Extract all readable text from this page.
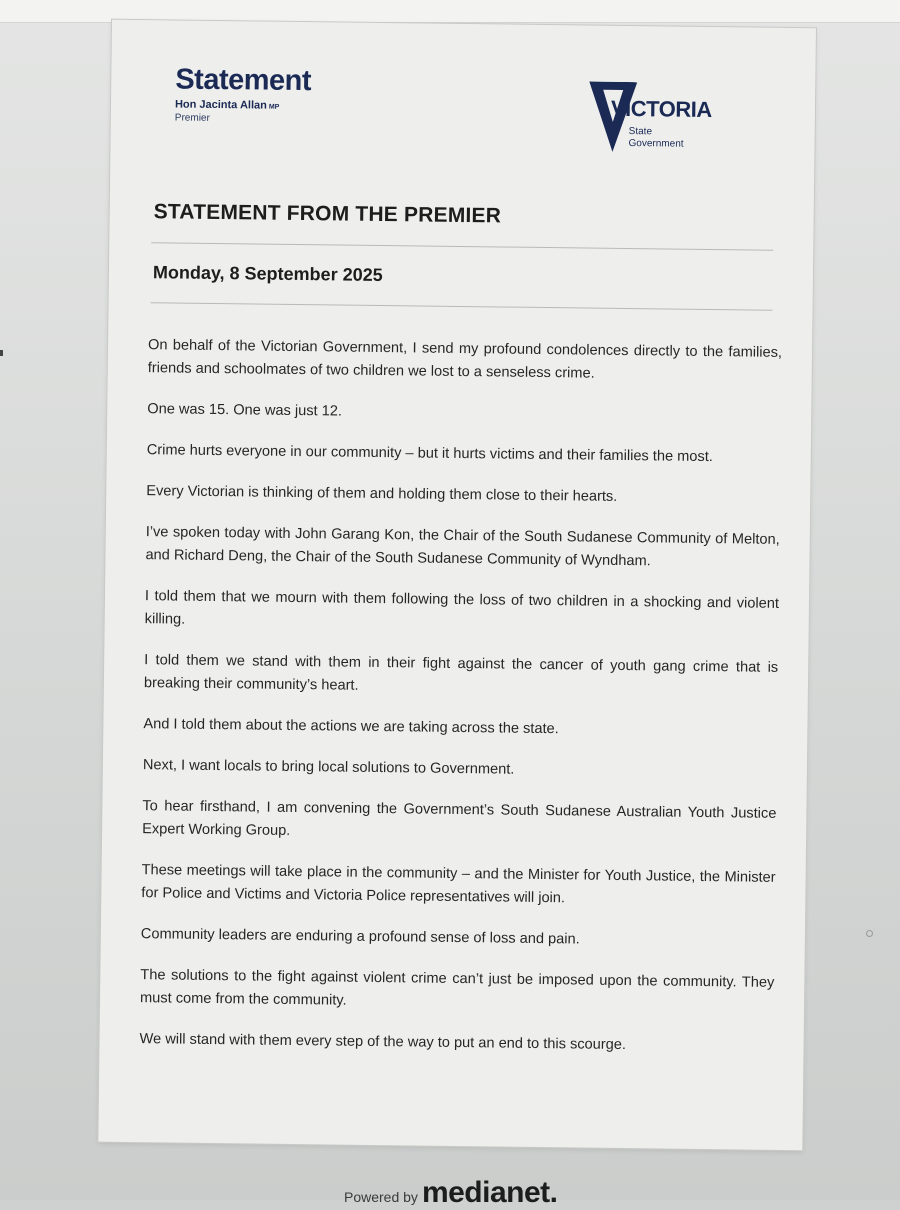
Statement
Hon Jacinta Allan MP
Premier	VICTORIA
State
Government
STATEMENT FROM THE PREMIER
Monday, 8 September 2025

On behalf of the Victorian Government, I send my profound condolences directly to the families, friends and schoolmates of two children we lost to a senseless crime.

One was 15. One was just 12.

Crime hurts everyone in our community – but it hurts victims and their families the most.

Every Victorian is thinking of them and holding them close to their hearts.

I’ve spoken today with John Garang Kon, the Chair of the South Sudanese Community of Melton, and Richard Deng, the Chair of the South Sudanese Community of Wyndham.

I told them that we mourn with them following the loss of two children in a shocking and violent killing.

I told them we stand with them in their fight against the cancer of youth gang crime that is breaking their community’s heart.

And I told them about the actions we are taking across the state.

Next, I want locals to bring local solutions to Government.

To hear firsthand, I am convening the Government’s South Sudanese Australian Youth Justice Expert Working Group.

These meetings will take place in the community – and the Minister for Youth Justice, the Minister for Police and Victims and Victoria Police representatives will join.

Community leaders are enduring a profound sense of loss and pain.

The solutions to the fight against violent crime can’t just be imposed upon the community. They must come from the community.

We will stand with them every step of the way to put an end to this scourge.

Powered by medianet.
